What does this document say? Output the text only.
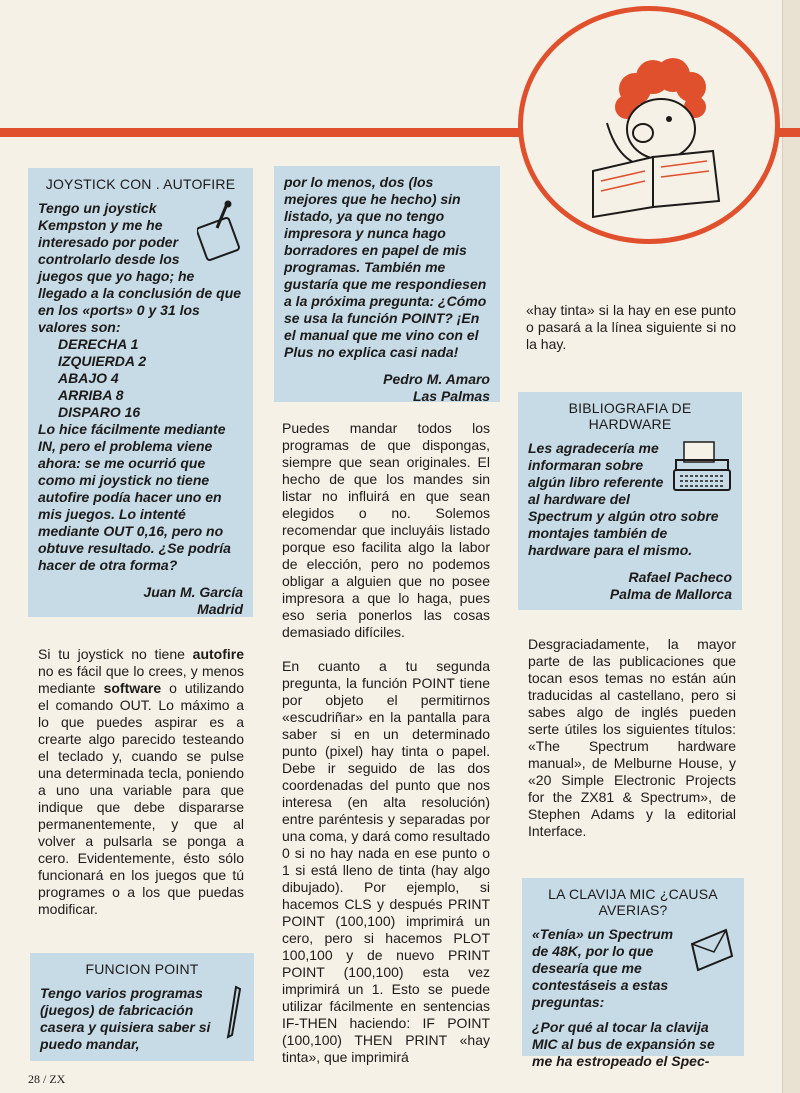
JOYSTICK CON . AUTOFIRE

Tengo un joystick Kempston y me he interesado por poder controlarlo desde los juegos que yo hago; he llegado a la conclusión de que en los «ports» 0 y 31 los valores son:

DERECHA 1
IZQUIERDA 2
ABAJO 4
ARRIBA 8
DISPARO 16

Lo hice fácilmente mediante IN, pero el problema viene ahora: se me ocurrió que como mi joystick no tiene autofire podía hacer uno en mis juegos. Lo intenté mediante OUT 0,16, pero no obtuve resultado. ¿Se podría hacer de otra forma?

Juan M. García
Madrid

Si tu joystick no tiene autofire no es fácil que lo crees, y menos mediante software o utilizando el comando OUT. Lo máximo a lo que puedes aspirar es a crearte algo parecido testeando el teclado y, cuando se pulse una determinada tecla, poniendo a uno una variable para que indique que debe dispararse permanentemente, y que al volver a pulsarla se ponga a cero. Evidentemente, ésto sólo funcionará en los juegos que tú programes o a los que puedas modificar.

FUNCION POINT

Tengo varios programas (juegos) de fabricación casera y quisiera saber si puedo mandar,

por lo menos, dos (los mejores que he hecho) sin listado, ya que no tengo impresora y nunca hago borradores en papel de mis programas. También me gustaría que me respondiesen a la próxima pregunta: ¿Cómo se usa la función POINT? ¡En el manual que me vino con el Plus no explica casi nada!

Pedro M. Amaro
Las Palmas

Puedes mandar todos los programas de que dispongas, siempre que sean originales. El hecho de que los mandes sin listar no influirá en que sean elegidos o no. Solemos recomendar que incluyáis listado porque eso facilita algo la labor de elección, pero no podemos obligar a alguien que no posee impresora a que lo haga, pues eso seria ponerlos las cosas demasiado difíciles.

En cuanto a tu segunda pregunta, la función POINT tiene por objeto el permitirnos «escudriñar» en la pantalla para saber si en un determinado punto (pixel) hay tinta o papel. Debe ir seguido de las dos coordenadas del punto que nos interesa (en alta resolución) entre paréntesis y separadas por una coma, y dará como resultado 0 si no hay nada en ese punto o 1 si está lleno de tinta (hay algo dibujado). Por ejemplo, si hacemos CLS y después PRINT POINT (100,100) imprimirá un cero, pero si hacemos PLOT 100,100 y de nuevo PRINT POINT (100,100) esta vez imprimirá un 1. Esto se puede utilizar fácilmente en sentencias IF-THEN haciendo: IF POINT (100,100) THEN PRINT «hay tinta», que imprimirá

«hay tinta» si la hay en ese punto o pasará a la línea siguiente si no la hay.

BIBLIOGRAFIA DE HARDWARE

Les agradecería me informaran sobre algún libro referente al hardware del Spectrum y algún otro sobre montajes también de hardware para el mismo.

Rafael Pacheco
Palma de Mallorca

Desgraciadamente, la mayor parte de las publicaciones que tocan esos temas no están aún traducidas al castellano, pero si sabes algo de inglés pueden serte útiles los siguientes títulos: «The Spectrum hardware manual», de Melburne House, y «20 Simple Electronic Projects for the ZX81 & Spectrum», de Stephen Adams y la editorial Interface.

LA CLAVIJA MIC ¿CAUSA AVERIAS?

«Tenía» un Spectrum de 48K, por lo que desearía que me contestásеis a estas preguntas:

¿Por qué al tocar la clavija MIC al bus de expansión se me ha estropeado el Spec-

28 / ZX
